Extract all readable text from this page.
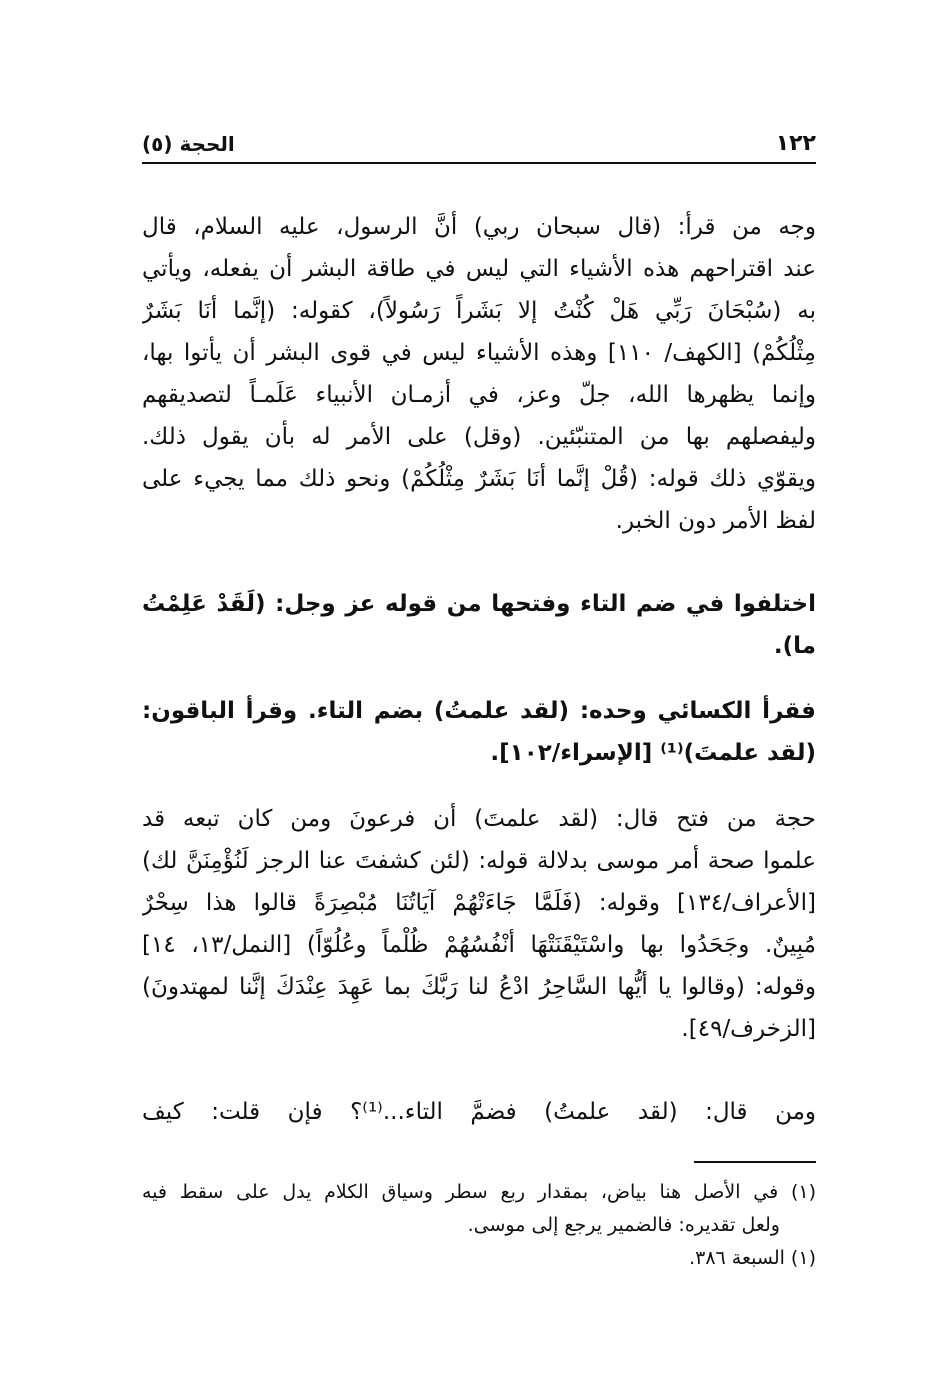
١٢٢
الحجة (٥)
وجه من قرأ: (قال سبحان ربي) أنَّ الرسول، عليه السلام، قال
عند اقتراحهم هذه الأشياء التي ليس في طاقة البشر أن يفعله، ويأتي
به (سُبْحَانَ رَبِّي هَلْ كُنْتُ إلا بَشَراً رَسُولاً)، كقوله: (إنَّما أنَا بَشَرٌ
مِثْلُكُمْ) [الكهف/ ١١٠] وهذه الأشياء ليس في قوى البشر أن يأتوا بها،
وإنما يظهرها الله، جلّ وعز، في أزمـان الأنبياء عَلَمـاً لتصديقهم
وليفصلهم بها من المتنبّئين. (وقل) على الأمر له بأن يقول ذلك.
ويقوّي ذلك قوله: (قُلْ إنَّما أنَا بَشَرٌ مِثْلُكُمْ) ونحو ذلك مما يجيء على
لفظ الأمر دون الخبر.
اختلفوا في ضم التاء وفتحها من قوله عز وجل: (لَقَدْ عَلِمْتُ
ما).
فقرأ الكسائي وحده: (لقد علمتُ) بضم التاء. وقرأ الباقون:
(لقد علمتَ)⁽¹⁾ [الإسراء/١٠٢].
حجة من فتح قال: (لقد علمتَ) أن فرعونَ ومن كان تبعه قد
علموا صحة أمر موسى بدلالة قوله: (لئن كشفتَ عنا الرجز لَنُؤْمِنَنَّ لك)
[الأعراف/١٣٤] وقوله: (فَلَمَّا جَاءَتْهُمْ آيَاتُنَا مُبْصِرَةً قالوا هذا سِحْرٌ
مُبِينٌ. وجَحَدُوا بها واسْتَيْقَنَتْهَا أنْفُسُهُمْ ظُلْماً وعُلُوّاً) [النمل/١٣، ١٤]
وقوله: (وقالوا يا أيُّها السَّاحِرُ ادْعُ لنا رَبَّكَ بما عَهِدَ عِنْدَكَ إنَّنا لمهتدونَ)
[الزخرف/٤٩].
ومن قال: (لقد علمتُ) فضمَّ التاء...⁽¹⁾؟ فإن قلت: كيف
(١) في الأصل هنا بياض، بمقدار ربع سطر وسياق الكلام يدل على سقط فيه
ولعل تقديره: فالضمير يرجع إلى موسى.
(١) السبعة ٣٨٦.
